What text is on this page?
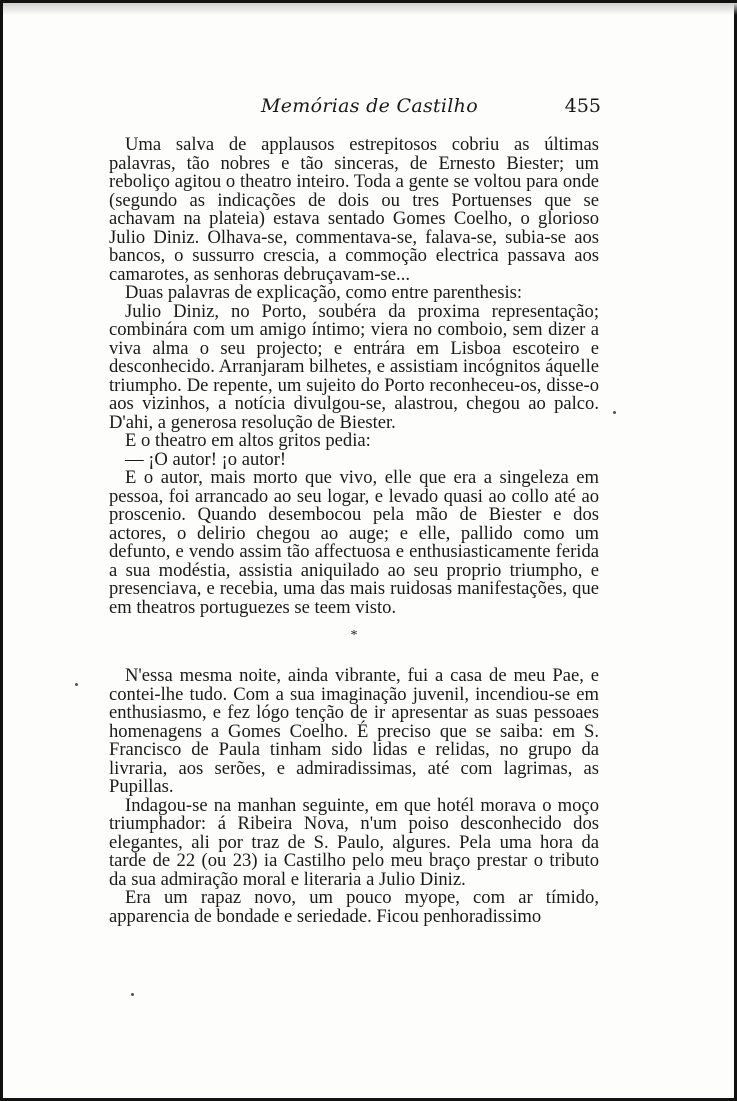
Memórias de Castilho	455

Uma salva de applausos estrepitosos cobriu as últimas palavras, tão nobres e tão sinceras, de Ernesto Biester; um reboliço agitou o theatro inteiro. Toda a gente se voltou para onde (segundo as indicações de dois ou tres Portuenses que se achavam na plateia) estava sentado Gomes Coelho, o glorioso Julio Diniz. Olhava-se, commentava-se, falava-se, subia-se aos bancos, o sussurro crescia, a commoção electrica passava aos camarotes, as senhoras debruçavam-se...

Duas palavras de explicação, como entre parenthesis:

Julio Diniz, no Porto, soubéra da proxima representação; combinára com um amigo íntimo; viera no comboio, sem dizer a viva alma o seu projecto; e entrára em Lisboa escoteiro e desconhecido. Arranjaram bilhetes, e assistiam incógnitos áquelle triumpho. De repente, um sujeito do Porto reconheceu-os, disse-o aos vizinhos, a notícia divulgou-se, alastrou, chegou ao palco. D'ahi, a generosa resolução de Biester.

E o theatro em altos gritos pedia:

— ¡O autor! ¡o autor!

E o autor, mais morto que vivo, elle que era a singeleza em pessoa, foi arrancado ao seu logar, e levado quasi ao collo até ao proscenio. Quando desembocou pela mão de Biester e dos actores, o delirio chegou ao auge; e elle, pallido como um defunto, e vendo assim tão affectuosa e enthusiasticamente ferida a sua modéstia, assistia aniquilado ao seu proprio triumpho, e presenciava, e recebia, uma das mais ruidosas manifestações, que em theatros portuguezes se teem visto.

*

N'essa mesma noite, ainda vibrante, fui a casa de meu Pae, e contei-lhe tudo. Com a sua imaginação juvenil, incendiou-se em enthusiasmo, e fez lógo tenção de ir apresentar as suas pessoaes homenagens a Gomes Coelho. É preciso que se saiba: em S. Francisco de Paula tinham sido lidas e relidas, no grupo da livraria, aos serões, e admiradissimas, até com lagrimas, as Pupillas.

Indagou-se na manhan seguinte, em que hotél morava o moço triumphador: á Ribeira Nova, n'um poiso desconhecido dos elegantes, ali por traz de S. Paulo, algures. Pela uma hora da tarde de 22 (ou 23) ia Castilho pelo meu braço prestar o tributo da sua admiração moral e literaria a Julio Diniz.

Era um rapaz novo, um pouco myope, com ar tímido, apparencia de bondade e seriedade. Ficou penhoradissimo
